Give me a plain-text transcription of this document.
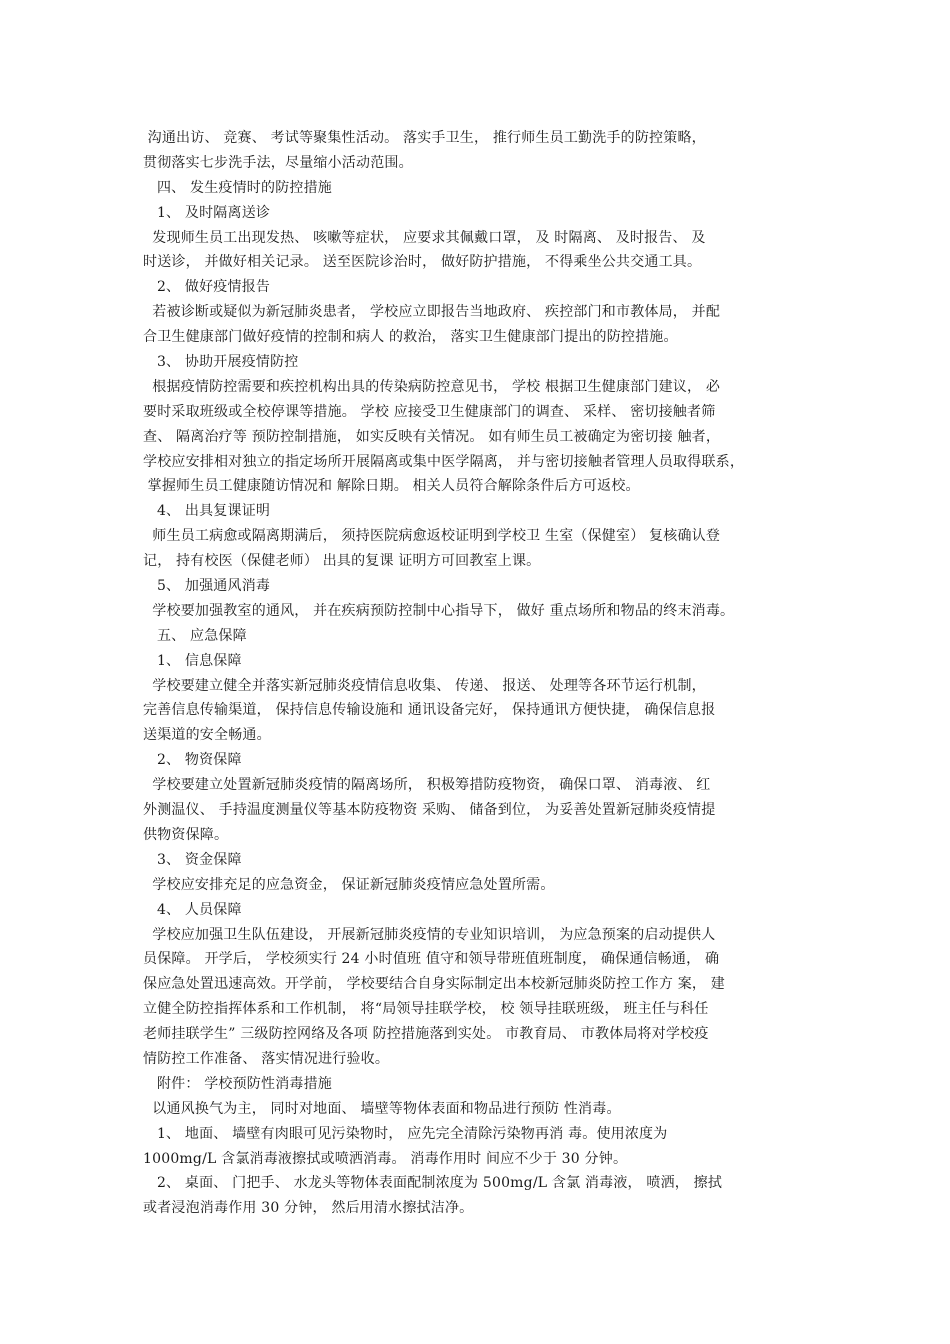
沟通出访、 竞赛、 考试等聚集性活动。 落实手卫生， 推行师生员工勤洗手的防控策略，
贯彻落实七步洗手法，尽量缩小活动范围。
四、 发生疫情时的防控措施
1、 及时隔离送诊
发现师生员工出现发热、 咳嗽等症状， 应要求其佩戴口罩， 及 时隔离、 及时报告、 及
时送诊， 并做好相关记录。 送至医院诊治时， 做好防护措施， 不得乘坐公共交通工具。
2、 做好疫情报告
若被诊断或疑似为新冠肺炎患者， 学校应立即报告当地政府、 疾控部门和市教体局， 并配
合卫生健康部门做好疫情的控制和病人 的救治， 落实卫生健康部门提出的防控措施。
3、 协助开展疫情防控
根据疫情防控需要和疾控机构出具的传染病防控意见书， 学校 根据卫生健康部门建议， 必
要时采取班级或全校停课等措施。 学校 应接受卫生健康部门的调查、 采样、 密切接触者筛
查、 隔离治疗等 预防控制措施， 如实反映有关情况。 如有师生员工被确定为密切接 触者，
学校应安排相对独立的指定场所开展隔离或集中医学隔离， 并与密切接触者管理人员取得联系，
掌握师生员工健康随访情况和 解除日期。 相关人员符合解除条件后方可返校。
4、 出具复课证明
师生员工病愈或隔离期满后， 须持医院病愈返校证明到学校卫 生室（保健室） 复核确认登
记， 持有校医（保健老师） 出具的复课 证明方可回教室上课。
5、 加强通风消毒
学校要加强教室的通风， 并在疾病预防控制中心指导下， 做好 重点场所和物品的终末消毒。
五、 应急保障
1、 信息保障
学校要建立健全并落实新冠肺炎疫情信息收集、 传递、 报送、 处理等各环节运行机制，
完善信息传输渠道， 保持信息传输设施和 通讯设备完好， 保持通讯方便快捷， 确保信息报
送渠道的安全畅通。
2、 物资保障
学校要建立处置新冠肺炎疫情的隔离场所， 积极筹措防疫物资， 确保口罩、 消毒液、 红
外测温仪、 手持温度测量仪等基本防疫物资 采购、 储备到位， 为妥善处置新冠肺炎疫情提
供物资保障。
3、 资金保障
学校应安排充足的应急资金， 保证新冠肺炎疫情应急处置所需。
4、 人员保障
学校应加强卫生队伍建设， 开展新冠肺炎疫情的专业知识培训， 为应急预案的启动提供人
员保障。 开学后， 学校须实行 24 小时值班 值守和领导带班值班制度， 确保通信畅通， 确
保应急处置迅速高效。开学前， 学校要结合自身实际制定出本校新冠肺炎防控工作方 案， 建
立健全防控指挥体系和工作机制， 将“局领导挂联学校， 校 领导挂联班级， 班主任与科任
老师挂联学生” 三级防控网络及各项 防控措施落到实处。 市教育局、 市教体局将对学校疫
情防控工作准备、 落实情况进行验收。
附件： 学校预防性消毒措施
以通风换气为主， 同时对地面、 墙壁等物体表面和物品进行预防 性消毒。
1、 地面、 墙壁有肉眼可见污染物时， 应先完全清除污染物再消 毒。使用浓度为
1000mg/L 含氯消毒液擦拭或喷洒消毒。 消毒作用时 间应不少于 30 分钟。
2、 桌面、 门把手、 水龙头等物体表面配制浓度为 500mg/L 含氯 消毒液， 喷洒， 擦拭
或者浸泡消毒作用 30 分钟， 然后用清水擦拭洁净。
